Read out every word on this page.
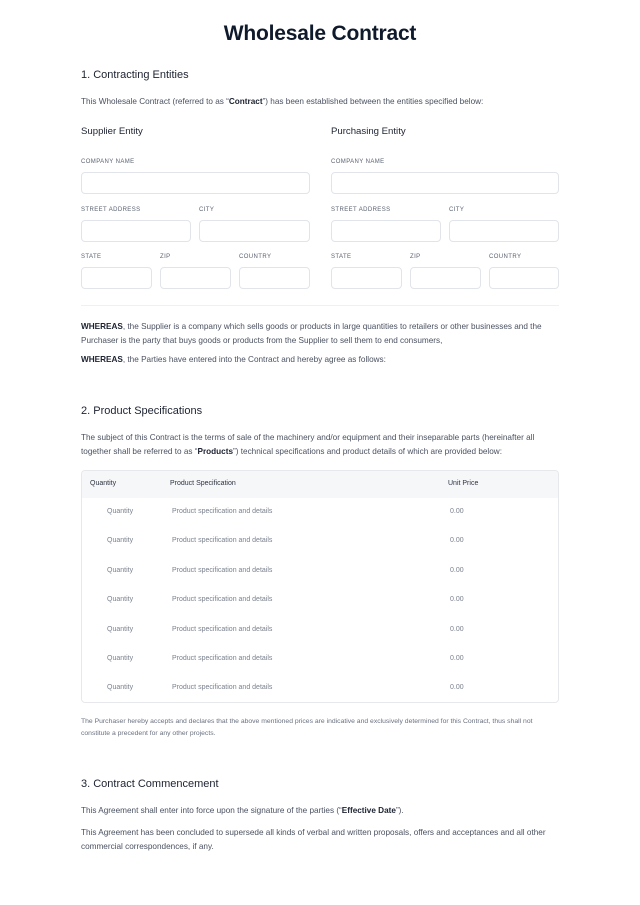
Wholesale Contract
1. Contracting Entities
This Wholesale Contract (referred to as “Contract”) has been established between the entities specified below:
Supplier Entity
COMPANY NAME
STREET ADDRESS	CITY
STATE	ZIP	COUNTRY
Purchasing Entity
COMPANY NAME
STREET ADDRESS	CITY
STATE	ZIP	COUNTRY
WHEREAS, the Supplier is a company which sells goods or products in large quantities to retailers or other businesses and the Purchaser is the party that buys goods or products from the Supplier to sell them to end consumers,
WHEREAS, the Parties have entered into the Contract and hereby agree as follows:
2. Product Specifications
The subject of this Contract is the terms of sale of the machinery and/or equipment and their inseparable parts (hereinafter all together shall be referred to as “Products”) technical specifications and product details of which are provided below:
Quantity	Product Specification	Unit Price
Quantity	Product specification and details	0.00
Quantity	Product specification and details	0.00
Quantity	Product specification and details	0.00
Quantity	Product specification and details	0.00
Quantity	Product specification and details	0.00
Quantity	Product specification and details	0.00
Quantity	Product specification and details	0.00
The Purchaser hereby accepts and declares that the above mentioned prices are indicative and exclusively determined for this Contract, thus shall not constitute a precedent for any other projects.
3. Contract Commencement
This Agreement shall enter into force upon the signature of the parties (“Effective Date”).
This Agreement has been concluded to supersede all kinds of verbal and written proposals, offers and acceptances and all other commercial correspondences, if any.
